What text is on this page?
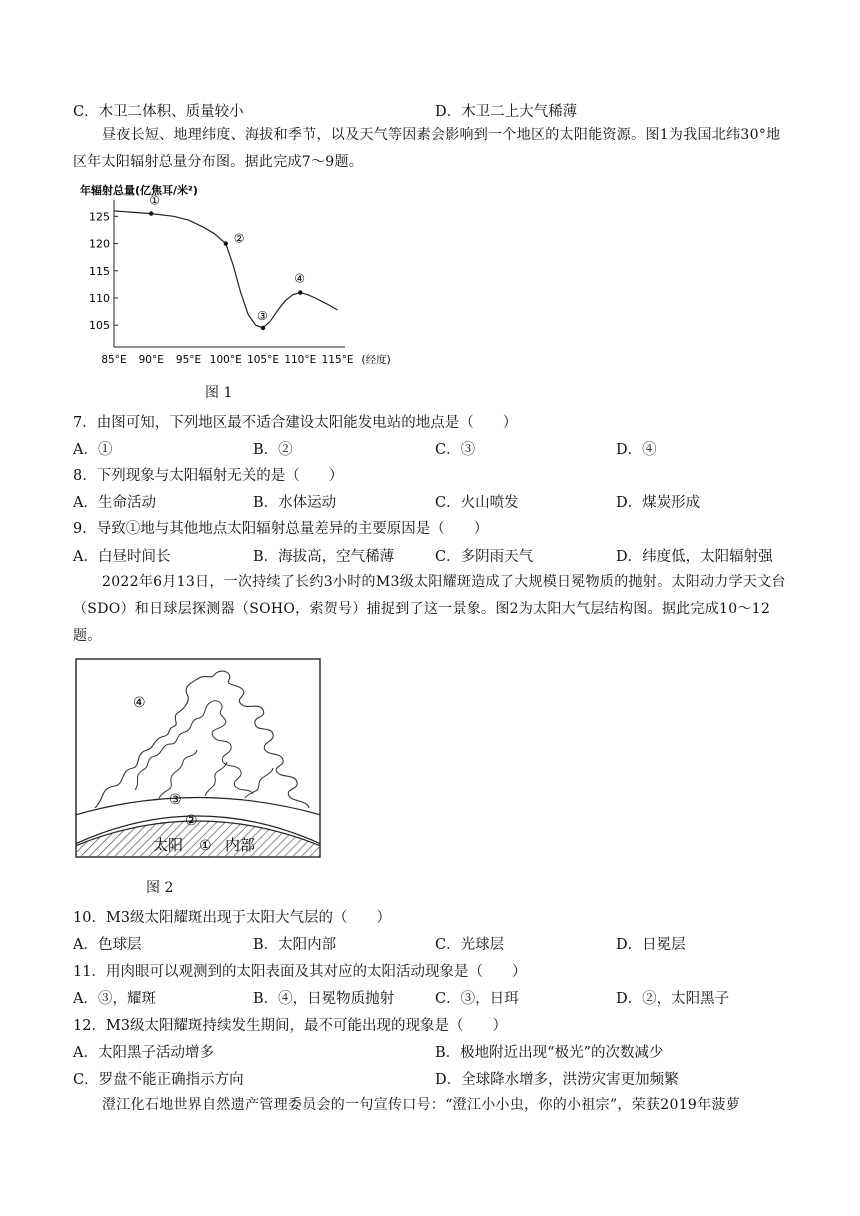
C．木卫二体积、质量较小	D．木卫二上大气稀薄
昼夜长短、地理纬度、海拔和季节，以及天气等因素会影响到一个地区的太阳能资源。图1为我国北纬30°地区年太阳辐射总量分布图。据此完成7～9题。
年辐射总量(亿焦耳/米²)
105
110
115
120
125
85°E 90°E 95°E 100°E 105°E 110°E 115°E (经度)
①
②
③
④
图 1
7．由图可知，下列地区最不适合建设太阳能发电站的地点是（　　）
A．①	B．②	C．③	D．④
8．下列现象与太阳辐射无关的是（　　）
A．生命活动	B．水体运动	C．火山喷发	D．煤炭形成
9．导致①地与其他地点太阳辐射总量差异的主要原因是（　　）
A．白昼时间长	B．海拔高，空气稀薄	C．多阴雨天气	D．纬度低，太阳辐射强
2022年6月13日，一次持续了长约3小时的M3级太阳耀斑造成了大规模日冕物质的抛射。太阳动力学天文台（SDO）和日球层探测器（SOHO，索贺号）捕捉到了这一景象。图2为太阳大气层结构图。据此完成10～12题。
④
③
②
太阳 ① 内部
图 2
10．M3级太阳耀斑出现于太阳大气层的（　　）
A．色球层	B．太阳内部	C．光球层	D．日冕层
11．用肉眼可以观测到的太阳表面及其对应的太阳活动现象是（　　）
A．③，耀斑	B．④，日冕物质抛射	C．③，日珥	D．②，太阳黑子
12．M3级太阳耀斑持续发生期间，最不可能出现的现象是（　　）
A．太阳黑子活动增多	B．极地附近出现“极光”的次数减少
C．罗盘不能正确指示方向	D．全球降水增多，洪涝灾害更加频繁
澄江化石地世界自然遗产管理委员会的一句宣传口号：“澄江小小虫，你的小祖宗”，荣获2019年菠萝
